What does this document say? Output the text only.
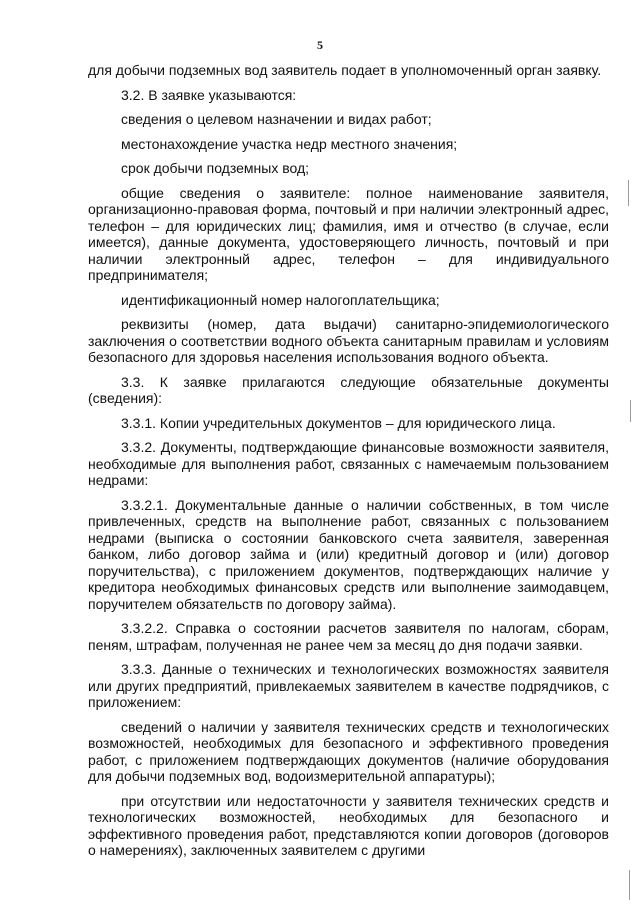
5

для добычи подземных вод заявитель подает в уполномоченный орган заявку.

3.2. В заявке указываются:

сведения о целевом назначении и видах работ;

местонахождение участка недр местного значения;

срок добычи подземных вод;

общие сведения о заявителе: полное наименование заявителя, организационно-правовая форма, почтовый и при наличии электронный адрес, телефон – для юридических лиц; фамилия, имя и отчество (в случае, если имеется), данные документа, удостоверяющего личность, почтовый и при наличии электронный адрес, телефон – для индивидуального предпринимателя;

идентификационный номер налогоплательщика;

реквизиты (номер, дата выдачи) санитарно-эпидемиологического заключения о соответствии водного объекта санитарным правилам и условиям безопасного для здоровья населения использования водного объекта.

3.3. К заявке прилагаются следующие обязательные документы (сведения):

3.3.1. Копии учредительных документов – для юридического лица.

3.3.2. Документы, подтверждающие финансовые возможности заявителя, необходимые для выполнения работ, связанных с намечаемым пользованием недрами:

3.3.2.1. Документальные данные о наличии собственных, в том числе привлеченных, средств на выполнение работ, связанных с пользованием недрами (выписка о состоянии банковского счета заявителя, заверенная банком, либо договор займа и (или) кредитный договор и (или) договор поручительства), с приложением документов, подтверждающих наличие у кредитора необходимых финансовых средств или выполнение заимодавцем, поручителем обязательств по договору займа).

3.3.2.2. Справка о состоянии расчетов заявителя по налогам, сборам, пеням, штрафам, полученная не ранее чем за месяц до дня подачи заявки.

3.3.3. Данные о технических и технологических возможностях заявителя или других предприятий, привлекаемых заявителем в качестве подрядчиков, с приложением:

сведений о наличии у заявителя технических средств и технологических возможностей, необходимых для безопасного и эффективного проведения работ, с приложением подтверждающих документов (наличие оборудования для добычи подземных вод, водоизмерительной аппаратуры);

при отсутствии или недостаточности у заявителя технических средств и технологических возможностей, необходимых для безопасного и эффективного проведения работ, представляются копии договоров (договоров о намерениях), заключенных заявителем с другими
